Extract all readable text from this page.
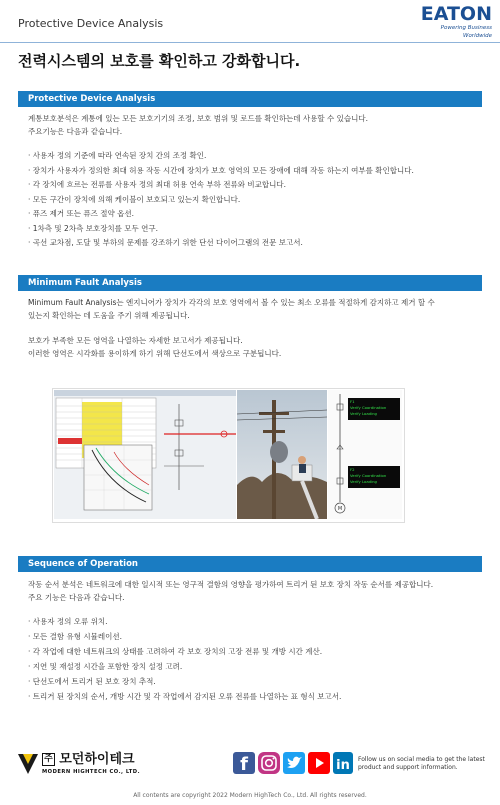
Protective Device Analysis	EATON
Powering Business Worldwide
전력시스템의 보호를 확인하고 강화합니다.
Protective Device Analysis
계통보호분석은 계통에 있는 모든 보호기기의 조정, 보호 범위 및 로드를 확인하는데 사용할 수 있습니다.
주요기능은 다음과 같습니다.
· 사용자 정의 기준에 따라 연속된 장치 간의 조정 확인.
· 장치가 사용자가 정의한 최대 허용 작동 시간에 장치가 보호 영역의 모든 장애에 대해 작동 하는지 여부를 확인합니다.
· 각 장치에 흐르는 전류를 사용자 정의 최대 허용 연속 부하 전류와 비교합니다.
· 모든 구간이 장치에 의해 케이블이 보호되고 있는지 확인합니다.
· 퓨즈 제거 또는 퓨즈 절약 옵션.
· 1차측 및 2차측 보호장치를 모두 연구.
· 곡선 교차점, 도달 및 부하의 문제를 강조하기 위한 단선 다이어그램의 전문 보고서.
Minimum Fault Analysis
Minimum Fault Analysis는 엔지니어가 장치가 각각의 보호 영역에서 볼 수 있는 최소 오류를 적절하게 감지하고 제거 할 수
있는지 확인하는 데 도움을 주기 위해 제공됩니다.
보호가 부족한 모든 영역을 나열하는 자세한 보고서가 제공됩니다.
이러한 영역은 시각화를 용이하게 하기 위해 단선도에서 색상으로 구분됩니다.
M
F1
Verify Coordination
Verify Loading
F2
Verify Coordination
Verify Loading
Sequence of Operation
작동 순서 분석은 네트워크에 대한 일시적 또는 영구적 결함의 영향을 평가하여 트리거 된 보호 장치 작동 순서를 제공합니다.
주요 기능은 다음과 같습니다.
· 사용자 정의 오류 위치.
· 모든 결함 유형 시뮬레이션.
· 각 작업에 대한 네트워크의 상태를 고려하여 각 보호 장치의 고장 전류 및 개방 시간 계산.
· 지연 및 재설정 시간을 포함한 장치 설정 고려.
· 단선도에서 트리거 된 보호 장치 추적.
· 트리거 된 장치의 순서, 개방 시간 및 각 작업에서 감지된 오류 전류를 나열하는 표 형식 보고서.
주 모던하이테크
MODERN HIGHTECH CO., LTD.	f	in Follow us on social media to get the latest product and support information.
All contents are copyright 2022 Modern HighTech Co., Ltd. All rights reserved.
